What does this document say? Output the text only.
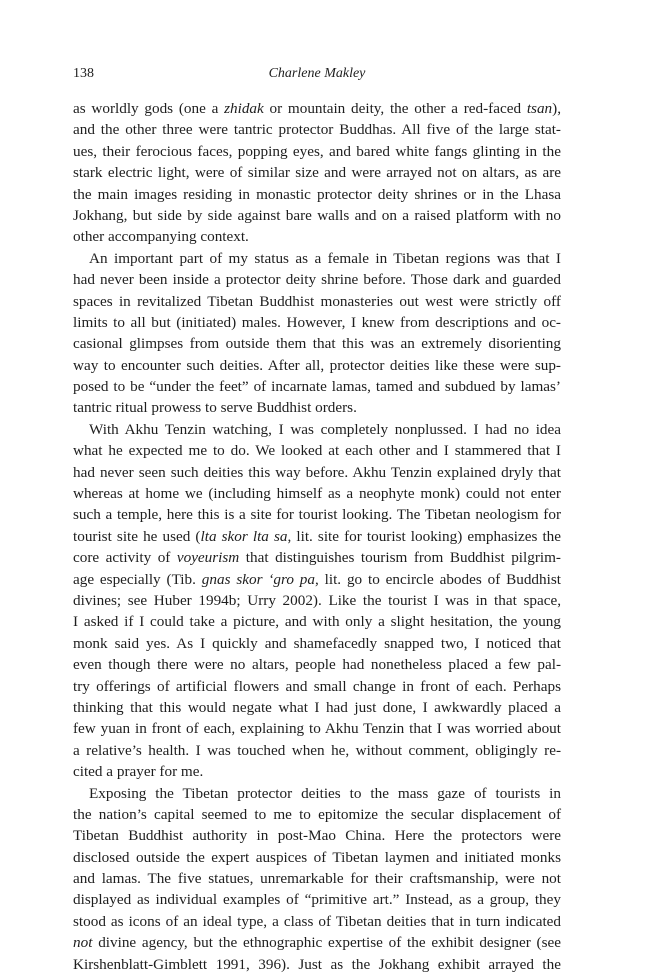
138	Charlene Makley
as worldly gods (one a zhidak or mountain deity, the other a red-faced tsan),
and the other three were tantric protector Buddhas. All five of the large stat-
ues, their ferocious faces, popping eyes, and bared white fangs glinting in the
stark electric light, were of similar size and were arrayed not on altars, as are
the main images residing in monastic protector deity shrines or in the Lhasa
Jokhang, but side by side against bare walls and on a raised platform with no
other accompanying context.
An important part of my status as a female in Tibetan regions was that I
had never been inside a protector deity shrine before. Those dark and guarded
spaces in revitalized Tibetan Buddhist monasteries out west were strictly off
limits to all but (initiated) males. However, I knew from descriptions and oc-
casional glimpses from outside them that this was an extremely disorienting
way to encounter such deities. After all, protector deities like these were sup-
posed to be “under the feet” of incarnate lamas, tamed and subdued by lamas’
tantric ritual prowess to serve Buddhist orders.
With Akhu Tenzin watching, I was completely nonplussed. I had no idea
what he expected me to do. We looked at each other and I stammered that I
had never seen such deities this way before. Akhu Tenzin explained dryly that
whereas at home we (including himself as a neophyte monk) could not enter
such a temple, here this is a site for tourist looking. The Tibetan neologism for
tourist site he used (lta skor lta sa, lit. site for tourist looking) emphasizes the
core activity of voyeurism that distinguishes tourism from Buddhist pilgrim-
age especially (Tib. gnas skor ‘gro pa, lit. go to encircle abodes of Buddhist
divines; see Huber 1994b; Urry 2002). Like the tourist I was in that space,
I asked if I could take a picture, and with only a slight hesitation, the young
monk said yes. As I quickly and shamefacedly snapped two, I noticed that
even though there were no altars, people had nonetheless placed a few pal-
try offerings of artificial flowers and small change in front of each. Perhaps
thinking that this would negate what I had just done, I awkwardly placed a
few yuan in front of each, explaining to Akhu Tenzin that I was worried about
a relative’s health. I was touched when he, without comment, obligingly re-
cited a prayer for me.
Exposing the Tibetan protector deities to the mass gaze of tourists in
the nation’s capital seemed to me to epitomize the secular displacement of
Tibetan Buddhist authority in post-Mao China. Here the protectors were
disclosed outside the expert auspices of Tibetan laymen and initiated monks
and lamas. The five statues, unremarkable for their craftsmanship, were not
displayed as individual examples of “primitive art.” Instead, as a group, they
stood as icons of an ideal type, a class of Tibetan deities that in turn indicated
not divine agency, but the ethnographic expertise of the exhibit designer (see
Kirshenblatt-Gimblett 1991, 396). Just as the Jokhang exhibit arrayed the
